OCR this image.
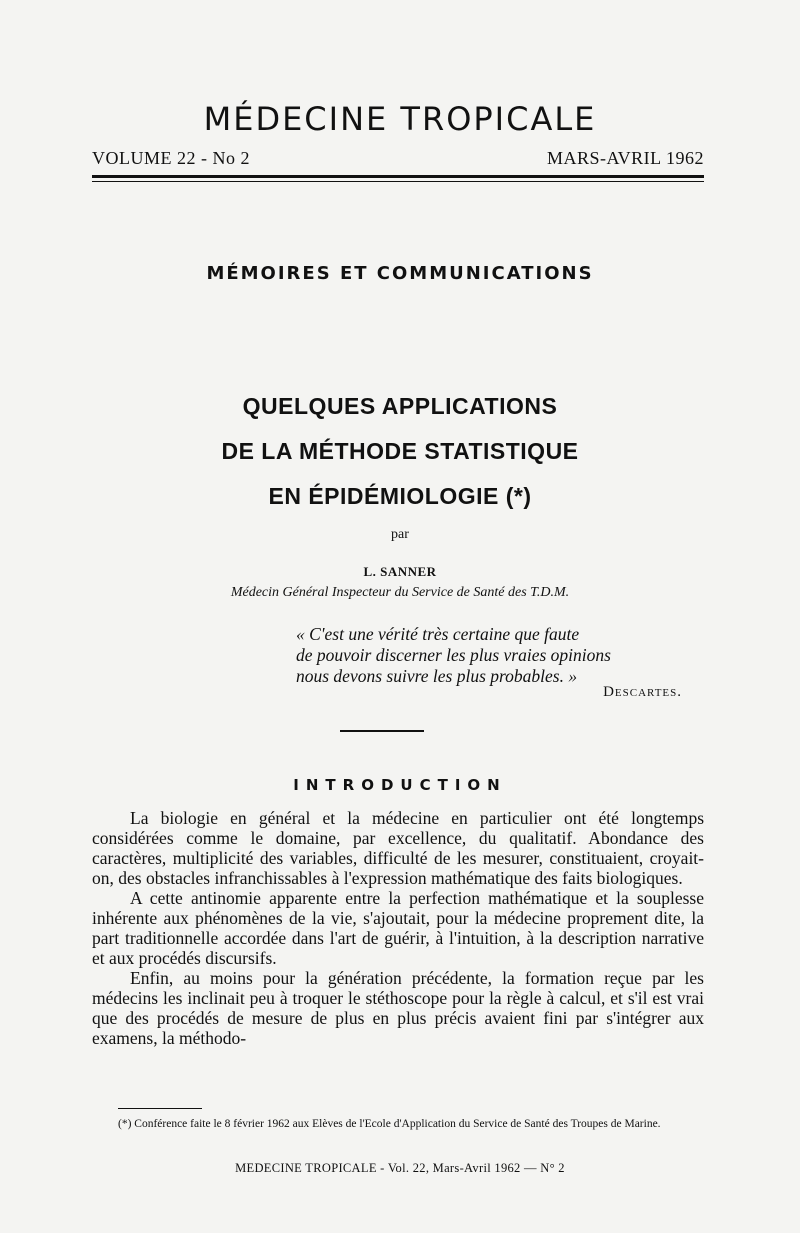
MÉDECINE TROPICALE
VOLUME 22 - No 2	MARS-AVRIL 1962
MÉMOIRES ET COMMUNICATIONS
QUELQUES APPLICATIONS
DE LA MÉTHODE STATISTIQUE
EN ÉPIDÉMIOLOGIE (*)
par
L. SANNER
Médecin Général Inspecteur du Service de Santé des T.D.M.
« C'est une vérité très certaine que faute
de pouvoir discerner les plus vraies opinions
nous devons suivre les plus probables. »
Descartes.
INTRODUCTION

La biologie en général et la médecine en particulier ont été longtemps considérées comme le domaine, par excellence, du qualitatif. Abondance des caractères, multiplicité des variables, difficulté de les mesurer, constituaient, croyait-on, des obstacles infranchissables à l'expression mathématique des faits biologiques.

A cette antinomie apparente entre la perfection mathématique et la souplesse inhérente aux phénomènes de la vie, s'ajoutait, pour la médecine proprement dite, la part traditionnelle accordée dans l'art de guérir, à l'intuition, à la description narrative et aux procédés discursifs.

Enfin, au moins pour la génération précédente, la formation reçue par les médecins les inclinait peu à troquer le stéthoscope pour la règle à calcul, et s'il est vrai que des procédés de mesure de plus en plus précis avaient fini par s'intégrer aux examens, la méthodo-

(*) Conférence faite le 8 février 1962 aux Elèves de l'Ecole d'Application du Service de Santé des Troupes de Marine.
MEDECINE TROPICALE - Vol. 22, Mars-Avril 1962 — N° 2
